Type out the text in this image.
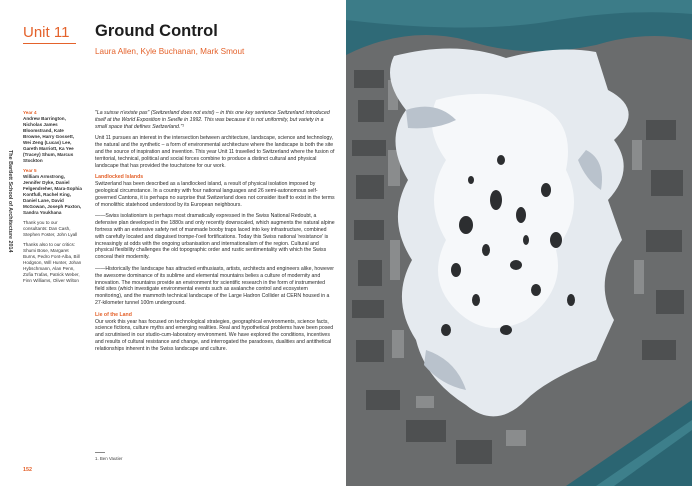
The Bartlett School of Architecture 2014
Unit 11 Ground Control
Laura Allen, Kyle Buchanan, Mark Smout
Year 4
Andrew Barrington, Nicholas James Bloomstrand, Kate Browne, Harry Gossett, Wei Zeng (Lucas) Lee, Gareth Marriott, Ka Yee (Tracey) Shum, Marcus Stockton
Year 5
William Armstrong, Jennifer Dyke, Daniel Felgendreher, Mara-Sophia Kontfuß, Rachel King, Daniel Lane, David McGowan, Joseph Paxton, Sandra Youkhana
Thank you to our consultants: Dan Cash, Stephen Foster, John Lyall
Thanks also to our critics: Shumi Bose, Margaret Burns, Pedro Font-Alba, Bill Hodgson, Will Hunter, Johan Hybschmann, Alan Penn, Zofia Trafas, Patrick Weber, Finn Williams, Oliver Wilton

"La suisse n'existe pas" (Switzerland does not exist) – in this one key sentence Switzerland introduced itself at the World Exposition in Seville in 1992. This was because it is not uniformity, but variety in a small space that defines Switzerland."¹

Unit 11 pursues an interest in the intersection between architecture, landscape, science and technology, the natural and the synthetic – a form of environmental architecture where the landscape is both the site and the source of inspiration and invention. This year Unit 11 travelled to Switzerland where the fusion of territorial, technical, political and social forces combine to produce a distinct cultural and physical landscape that has provided the touchstone for our work.

Landlocked Islands

Switzerland has been described as a landlocked island, a result of physical isolation imposed by geological circumstance. In a country with four national languages and 26 semi-autonomous self-governed Cantons, it is perhaps no surprise that Switzerland does not consider itself to exist in the terms of monolithic statehood understood by its European neighbours.

——Swiss isolationism is perhaps most dramatically expressed in the Swiss National Redoubt, a defensive plan developed in the 1880s and only recently downscaled, which augments the natural alpine fortress with an extensive safety net of manmade booby traps laced into key infrastructure, combined with carefully located and disguised trompe-l'oeil fortifications. Today this Swiss national 'resistance' is increasingly at odds with the ongoing urbanisation and internationalism of the region. Cultural and physical flexibility challenges the old topographic order and rustic sentimentality with which the Swiss conceal their modernity.

——Historically the landscape has attracted enthusiasts, artists, architects and engineers alike, however the awesome dominance of its sublime and elemental mountains belies a culture of modernity and innovation. The mountains provide an environment for scientific research in the form of instrumented field sites (which investigate environmental events such as avalanche control and ecosystem monitoring), and the mammoth technical landscape of the Large Hadron Collider at CERN housed in a 27-kilometer tunnel 100m underground.

Lie of the Land

Our work this year has focused on technological strategies, geographical environments, science facts, science fictions, culture myths and emerging realities. Real and hypothetical problems have been posed and scrutinised in our studio-cum-laboratory environment. We have explored the conditions, incentives and results of cultural resistance and change, and interrogated the paradoxes, dualities and antithetical relationships inherent in the Swiss landscape and culture.

1. Ben Vautier
152
